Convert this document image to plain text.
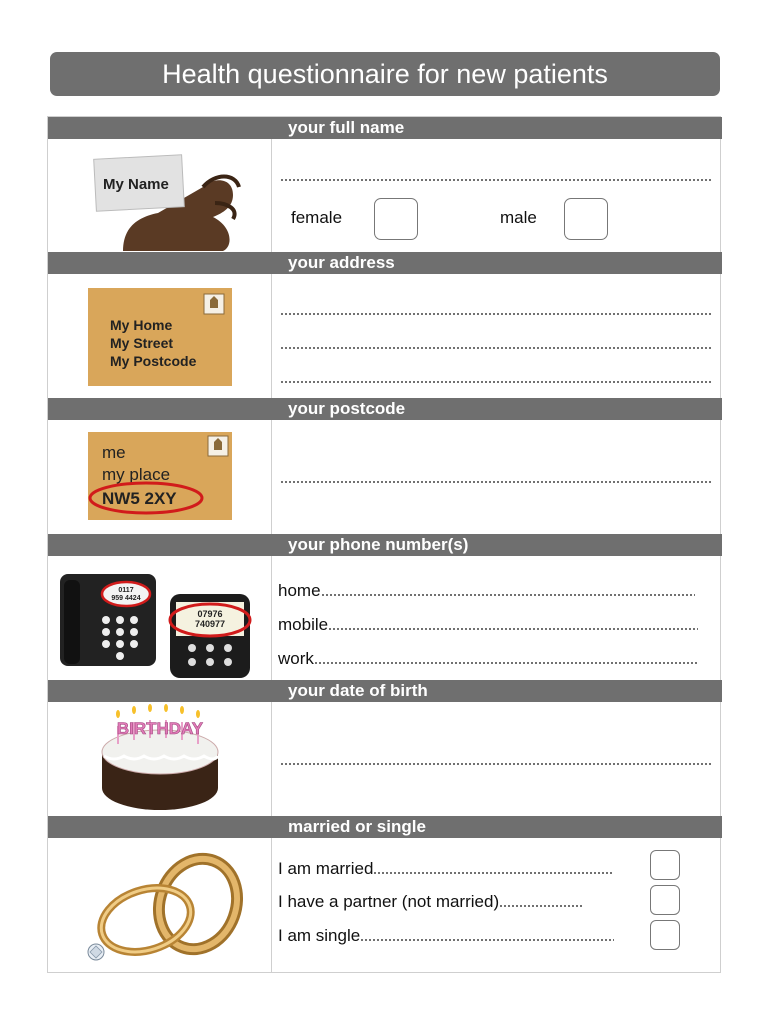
Health questionnaire for new patients
your full name
My Name
female	male
your address
My Home
My Street
My Postcode
your postcode
me
my place
NW5 2XY
your phone number(s)
0117
959 4424
07976
740977
home
mobile
work
your date of birth
BIRTHDAY
married or single
I am married
I have a partner (not married)
I am single
